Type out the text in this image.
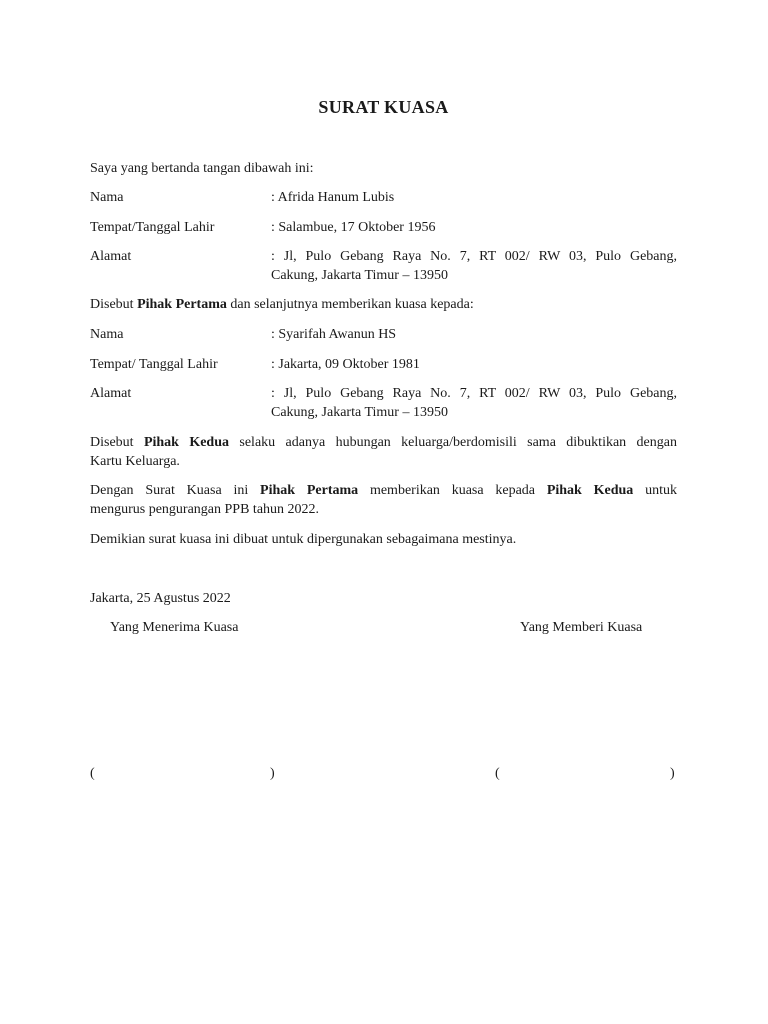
SURAT KUASA
Saya yang bertanda tangan dibawah ini:
Nama	: Afrida Hanum Lubis
Tempat/Tanggal Lahir	: Salambue, 17 Oktober 1956
Alamat	: Jl, Pulo Gebang Raya No. 7, RT 002/ RW 03, Pulo Gebang,
Cakung, Jakarta Timur – 13950
Disebut Pihak Pertama dan selanjutnya memberikan kuasa kepada:
Nama	: Syarifah Awanun HS
Tempat/ Tanggal Lahir	: Jakarta, 09 Oktober 1981
Alamat	: Jl, Pulo Gebang Raya No. 7, RT 002/ RW 03, Pulo Gebang,
Cakung, Jakarta Timur – 13950
Disebut Pihak Kedua selaku adanya hubungan keluarga/berdomisili sama dibuktikan dengan
Kartu Keluarga.
Dengan Surat Kuasa ini Pihak Pertama memberikan kuasa kepada Pihak Kedua untuk
mengurus pengurangan PPB tahun 2022.
Demikian surat kuasa ini dibuat untuk dipergunakan sebagaimana mestinya.
Jakarta, 25 Agustus 2022
Yang Menerima Kuasa	Yang Memberi Kuasa
(	)	(	)
